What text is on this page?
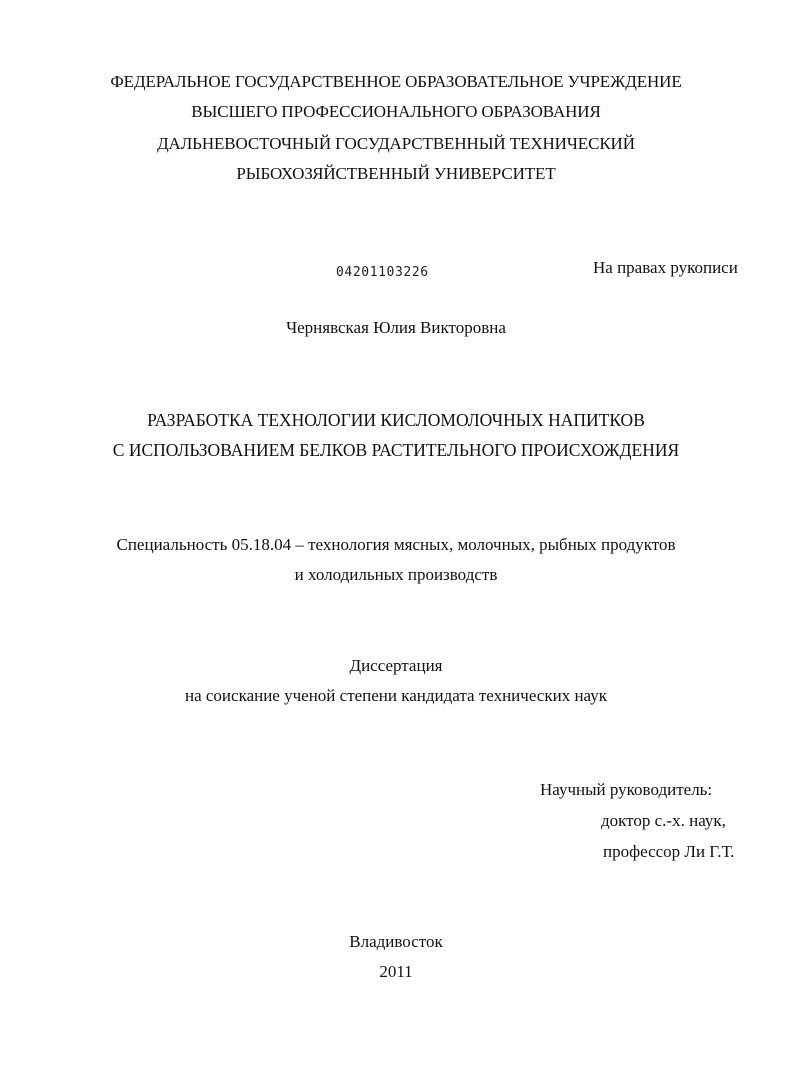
ФЕДЕРАЛЬНОЕ ГОСУДАРСТВЕННОЕ ОБРАЗОВАТЕЛЬНОЕ УЧРЕЖДЕНИЕ
ВЫСШЕГО ПРОФЕССИОНАЛЬНОГО ОБРАЗОВАНИЯ
ДАЛЬНЕВОСТОЧНЫЙ ГОСУДАРСТВЕННЫЙ ТЕХНИЧЕСКИЙ
РЫБОХОЗЯЙСТВЕННЫЙ УНИВЕРСИТЕТ
04201103226	На правах рукописи
Чернявская Юлия Викторовна
РАЗРАБОТКА ТЕХНОЛОГИИ КИСЛОМОЛОЧНЫХ НАПИТКОВ
С ИСПОЛЬЗОВАНИЕМ БЕЛКОВ РАСТИТЕЛЬНОГО ПРОИСХОЖДЕНИЯ
Специальность 05.18.04 – технология мясных, молочных, рыбных продуктов
и холодильных производств
Диссертация
на соискание ученой степени кандидата технических наук
Научный руководитель:
доктор с.-х. наук,
профессор Ли Г.Т.
Владивосток
2011
